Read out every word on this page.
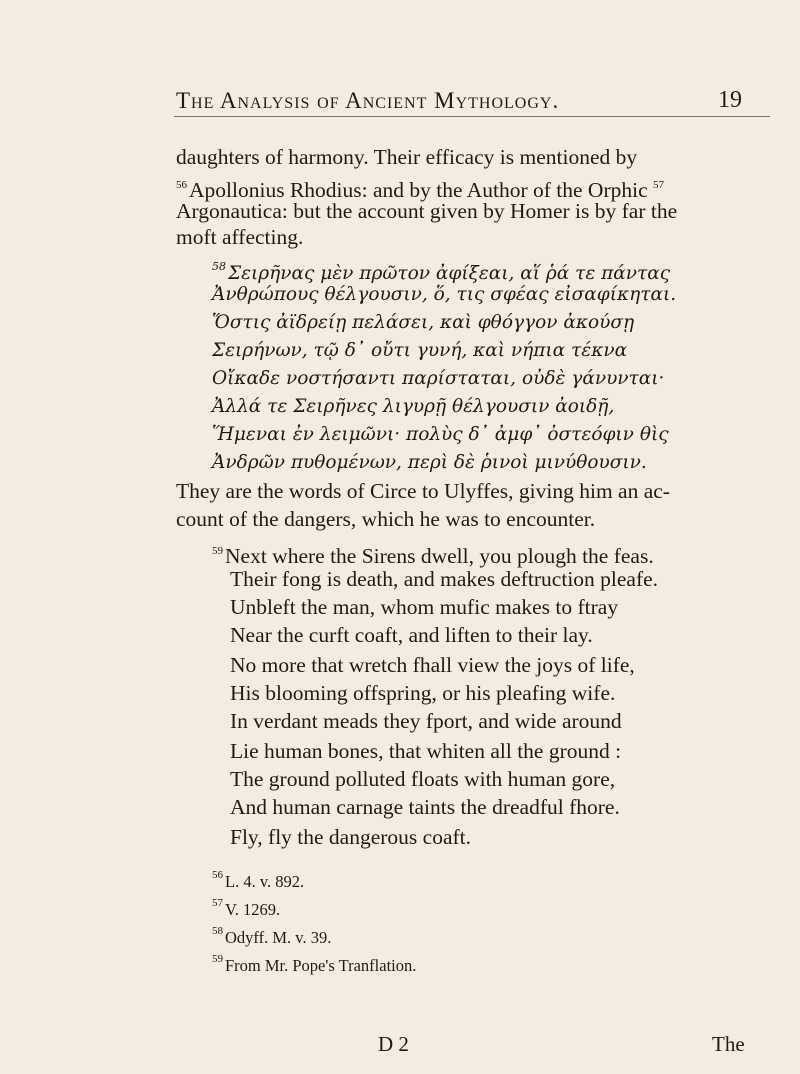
The Analysis of Ancient Mythology.	19
daughters of harmony. Their efficacy is mentioned by
$^{56}$Apollonius Rhodius: and by the Author of the Orphic $^{57}$
Argonautica: but the account given by Homer is by far the
moft affecting.
$^{58}$ Σειρῆνας μὲν πρῶτον ἀφίξεαι, αἵ ῥά τε πάντας
Ἀνθρώπους θέλγουσιν, ὅ, τις σφέας εἰσαφίκηται.
Ὅστις ἀϊδρείῃ πελάσει, καὶ φθόγγον ἀκούσῃ
Σειρήνων, τῷ δ᾽ οὔτι γυνή, καὶ νήπια τέκνα
Οἴκαδε νοστήσαντι παρίσταται, οὐδὲ γάνυνται·
Ἀλλά τε Σειρῆνες λιγυρῇ θέλγουσιν ἀοιδῇ,
Ἥμεναι ἐν λειμῶνι· πολὺς δ᾽ ἀμφ᾽ ὀστεόφιν θὶς
Ἀνδρῶν πυθομένων, περὶ δὲ ῥινοὶ μινύθουσιν.
They are the words of Circe to Ulyffes, giving him an ac-
count of the dangers, which he was to encounter.
$^{59}$Next where the Sirens dwell, you plough the feas.
Their fong is death, and makes deftruction pleafe.
Unbleft the man, whom mufic makes to ftray
Near the curft coaft, and liften to their lay.
No more that wretch fhall view the joys of life,
His blooming offspring, or his pleafing wife.
In verdant meads they fport, and wide around
Lie human bones, that whiten all the ground :
The ground polluted floats with human gore,
And human carnage taints the dreadful fhore.
Fly, fly the dangerous coaft.
$^{56}$ L. 4. v. 892.
$^{57}$ V. 1269.
$^{58}$ Odyff. M. v. 39.
$^{59}$ From Mr. Pope's Tranflation.
D 2	The
